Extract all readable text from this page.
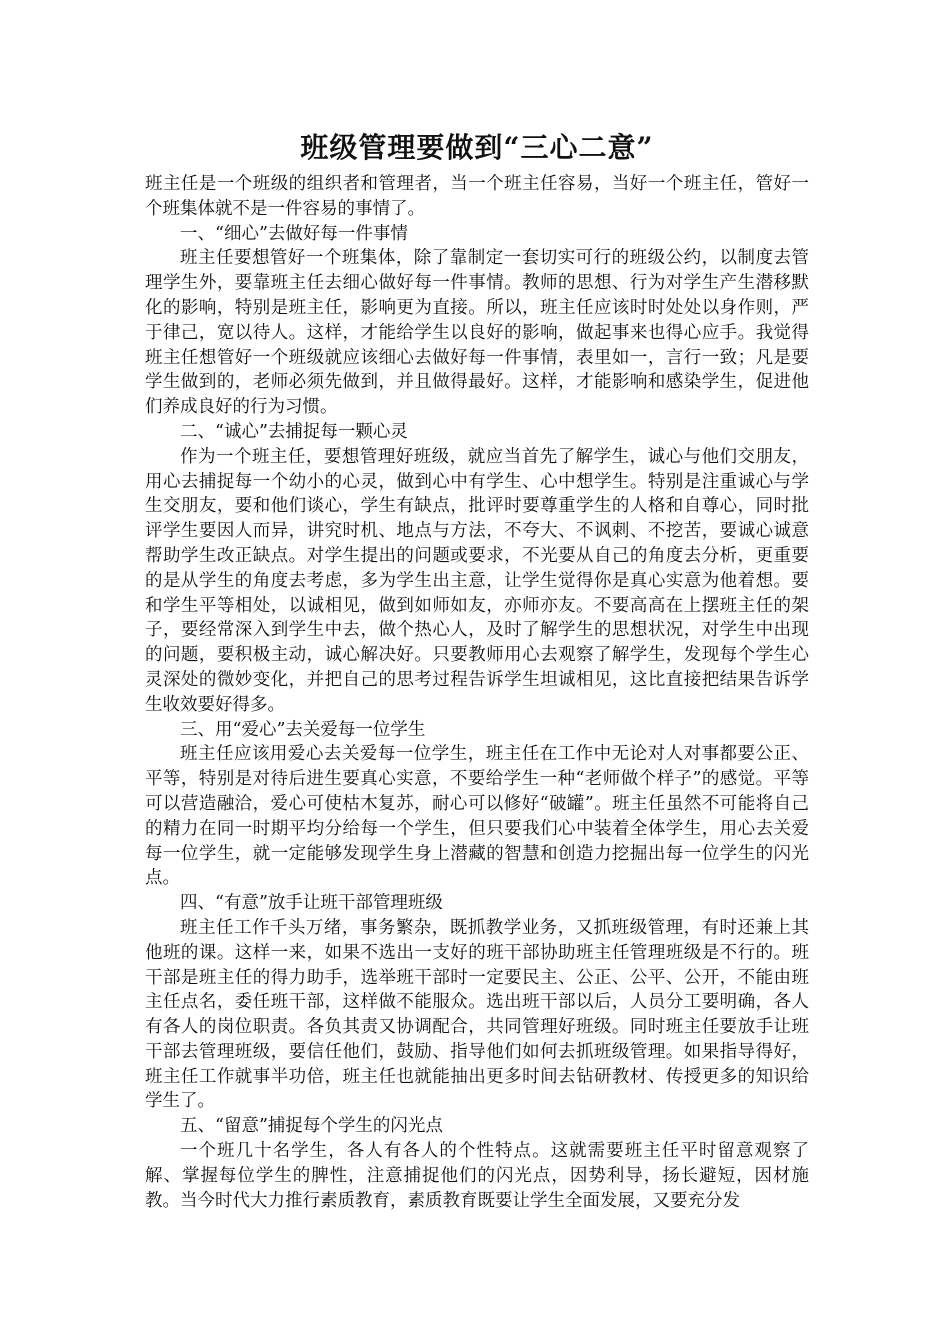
班级管理要做到“三心二意”

班主任是一个班级的组织者和管理者，当一个班主任容易，当好一个班主任，管好一个班集体就不是一件容易的事情了。

一、“细心”去做好每一件事情

班主任要想管好一个班集体，除了靠制定一套切实可行的班级公约，以制度去管理学生外，要靠班主任去细心做好每一件事情。教师的思想、行为对学生产生潜移默化的影响，特别是班主任，影响更为直接。所以，班主任应该时时处处以身作则，严于律己，宽以待人。这样，才能给学生以良好的影响，做起事来也得心应手。我觉得班主任想管好一个班级就应该细心去做好每一件事情，表里如一，言行一致；凡是要学生做到的，老师必须先做到，并且做得最好。这样，才能影响和感染学生，促进他们养成良好的行为习惯。

二、“诚心”去捕捉每一颗心灵

作为一个班主任，要想管理好班级，就应当首先了解学生，诚心与他们交朋友，用心去捕捉每一个幼小的心灵，做到心中有学生、心中想学生。特别是注重诚心与学生交朋友，要和他们谈心，学生有缺点，批评时要尊重学生的人格和自尊心，同时批评学生要因人而异，讲究时机、地点与方法，不夸大、不讽刺、不挖苦，要诚心诚意帮助学生改正缺点。对学生提出的问题或要求，不光要从自己的角度去分析，更重要的是从学生的角度去考虑，多为学生出主意，让学生觉得你是真心实意为他着想。要和学生平等相处，以诚相见，做到如师如友，亦师亦友。不要高高在上摆班主任的架子，要经常深入到学生中去，做个热心人，及时了解学生的思想状况，对学生中出现的问题，要积极主动，诚心解决好。只要教师用心去观察了解学生，发现每个学生心灵深处的微妙变化，并把自己的思考过程告诉学生坦诚相见，这比直接把结果告诉学生收效要好得多。

三、用“爱心”去关爱每一位学生

班主任应该用爱心去关爱每一位学生，班主任在工作中无论对人对事都要公正、平等，特别是对待后进生要真心实意，不要给学生一种“老师做个样子”的感觉。平等可以营造融洽，爱心可使枯木复苏，耐心可以修好“破罐”。班主任虽然不可能将自己的精力在同一时期平均分给每一个学生，但只要我们心中装着全体学生，用心去关爱每一位学生，就一定能够发现学生身上潜藏的智慧和创造力挖掘出每一位学生的闪光点。

四、“有意”放手让班干部管理班级

班主任工作千头万绪，事务繁杂，既抓教学业务，又抓班级管理，有时还兼上其他班的课。这样一来，如果不选出一支好的班干部协助班主任管理班级是不行的。班干部是班主任的得力助手，选举班干部时一定要民主、公正、公平、公开，不能由班主任点名，委任班干部，这样做不能服众。选出班干部以后，人员分工要明确，各人有各人的岗位职责。各负其责又协调配合，共同管理好班级。同时班主任要放手让班干部去管理班级，要信任他们，鼓励、指导他们如何去抓班级管理。如果指导得好，班主任工作就事半功倍，班主任也就能抽出更多时间去钻研教材、传授更多的知识给学生了。

五、“留意”捕捉每个学生的闪光点

一个班几十名学生，各人有各人的个性特点。这就需要班主任平时留意观察了解、掌握每位学生的脾性，注意捕捉他们的闪光点，因势利导，扬长避短，因材施教。当今时代大力推行素质教育，素质教育既要让学生全面发展，又要充分发
